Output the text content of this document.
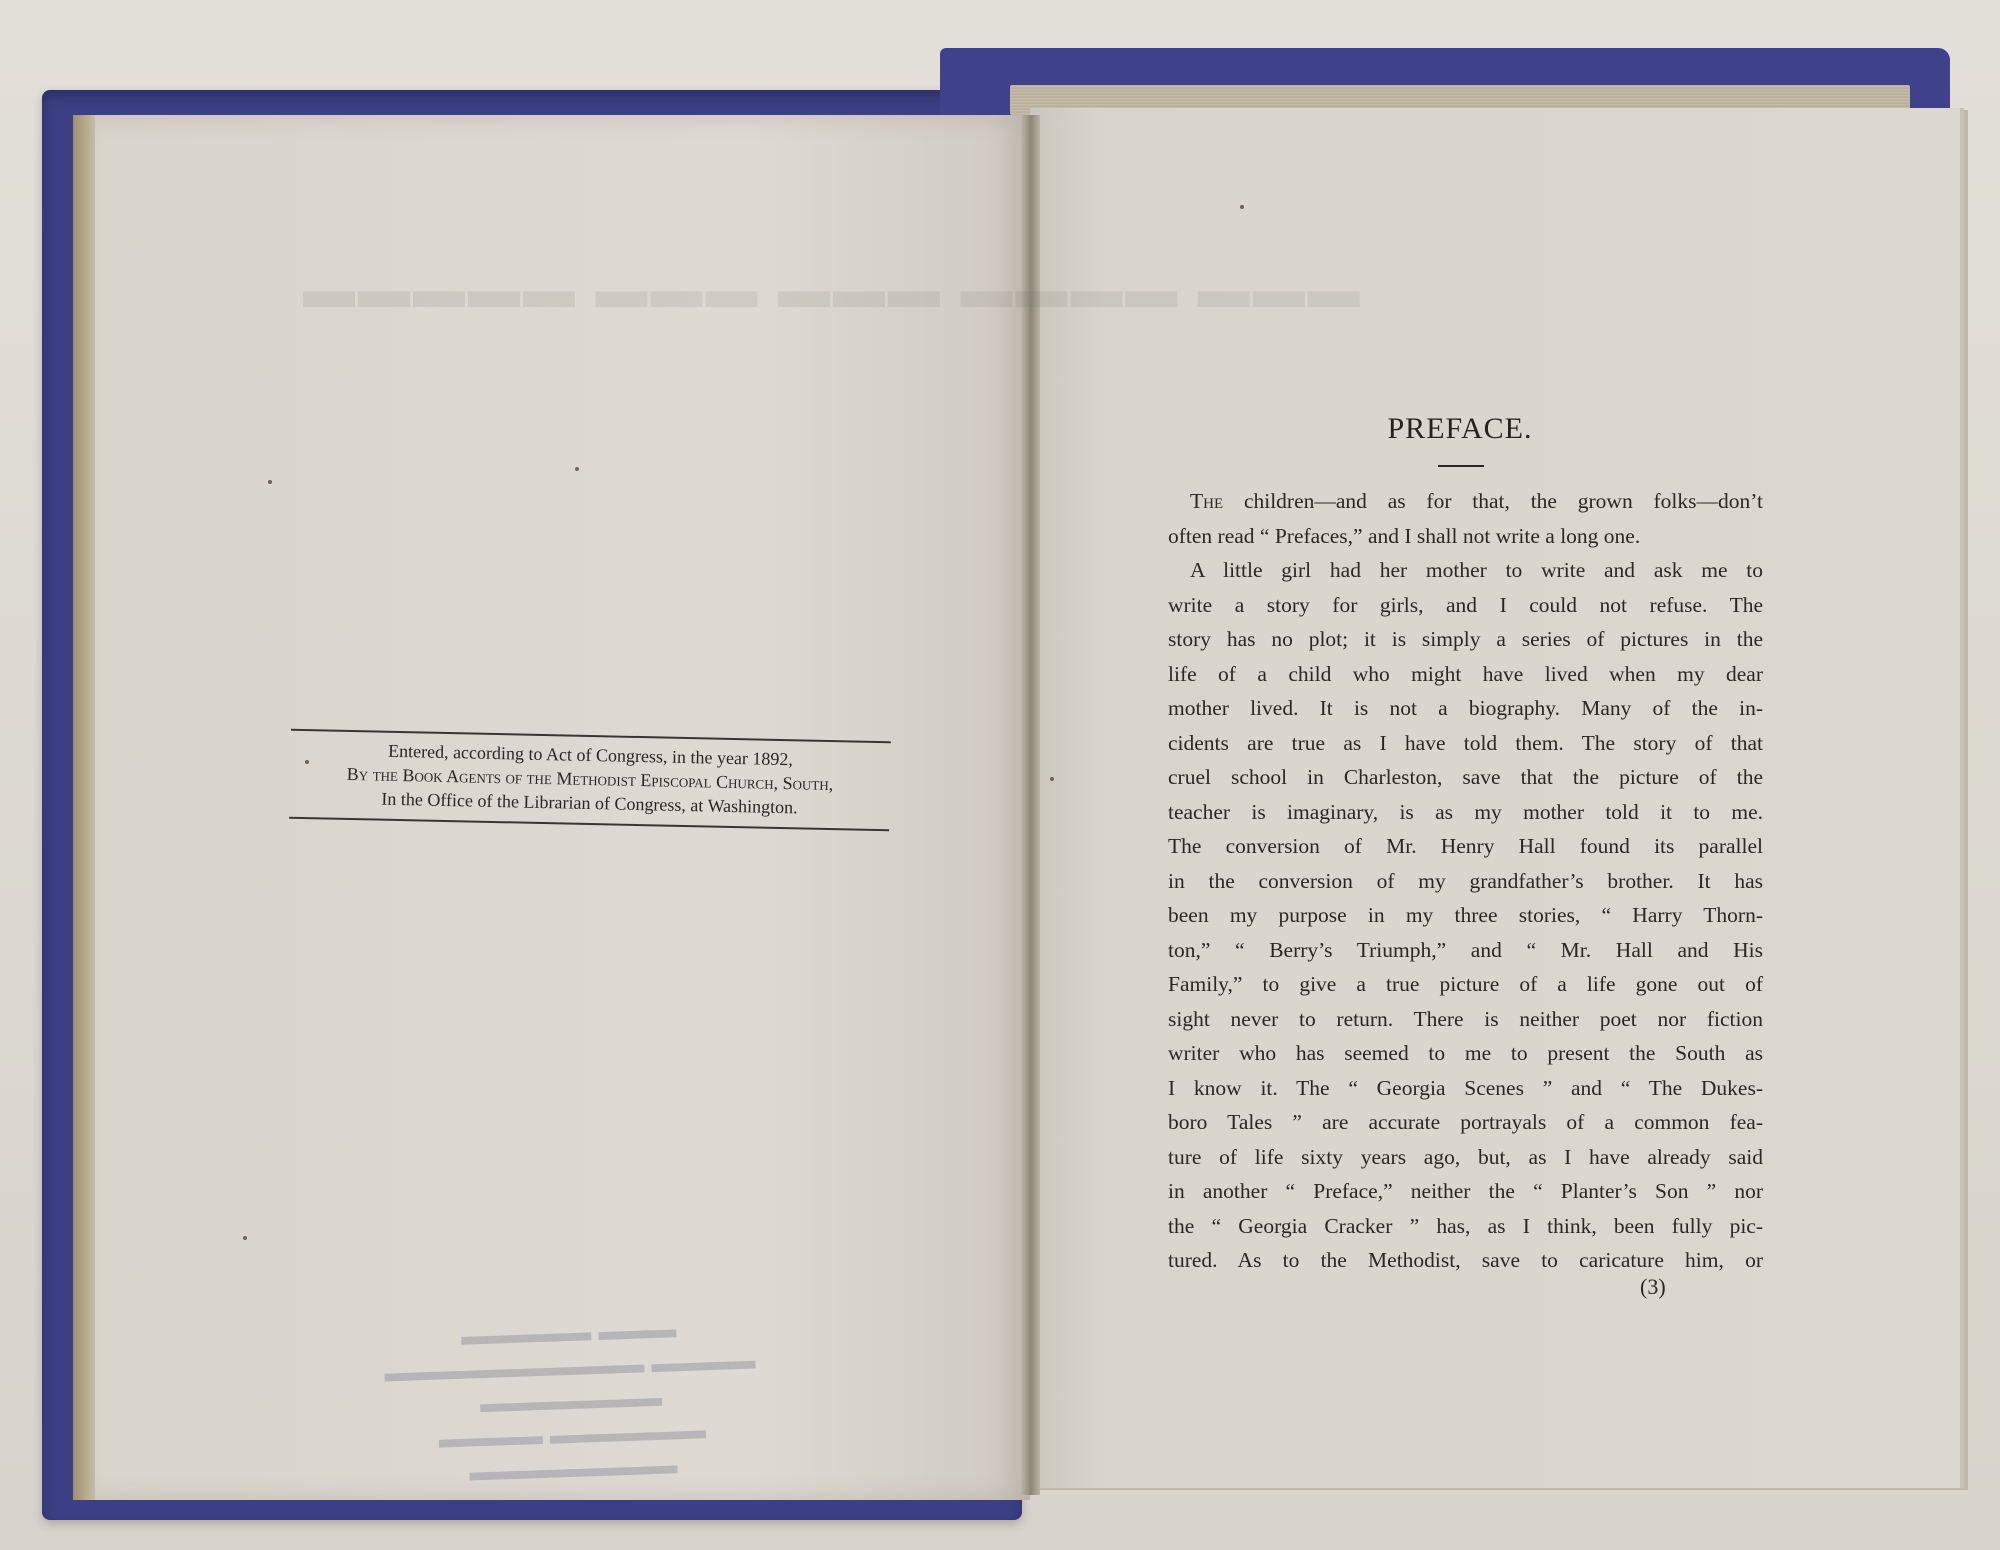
▬▬▬ ▬▬▬▬ ▬▬▬ ▬▬▬ ▬▬▬▬▬
▬▬▬ ▬▬▬▬▬
▬▬▬▬ ▬▬▬▬▬▬▬▬▬▬ ▬▬▬▬▬▬▬
▬▬▬▬▬▬ ▬▬▬▬ ▬▬▬▬▬▬▬▬
Entered, according to Act of Congress, in the year 1892,
By the Book Agents of the Methodist Episcopal Church, South,
In the Office of the Librarian of Congress, at Washington.
PREFACE.

The children—and as for that, the grown folks—don’t

often read “ Prefaces,” and I shall not write a long one.

A little girl had her mother to write and ask me to

write a story for girls, and I could not refuse. The
story has no plot; it is simply a series of pictures in the
life of a child who might have lived when my dear
mother lived. It is not a biography. Many of the in-
cidents are true as I have told them. The story of that
cruel school in Charleston, save that the picture of the
teacher is imaginary, is as my mother told it to me.
The conversion of Mr. Henry Hall found its parallel
in the conversion of my grandfather’s brother. It has
been my purpose in my three stories, “ Harry Thorn-
ton,” “ Berry’s Triumph,” and “ Mr. Hall and His
Family,” to give a true picture of a life gone out of
sight never to return. There is neither poet nor fiction
writer who has seemed to me to present the South as
I know it. The “ Georgia Scenes ” and “ The Dukes-
boro Tales ” are accurate portrayals of a common fea-
ture of life sixty years ago, but, as I have already said
in another “ Preface,” neither the “ Planter’s Son ” nor
the “ Georgia Cracker ” has, as I think, been fully pic-
tured. As to the Methodist, save to caricature him, or
(3)
